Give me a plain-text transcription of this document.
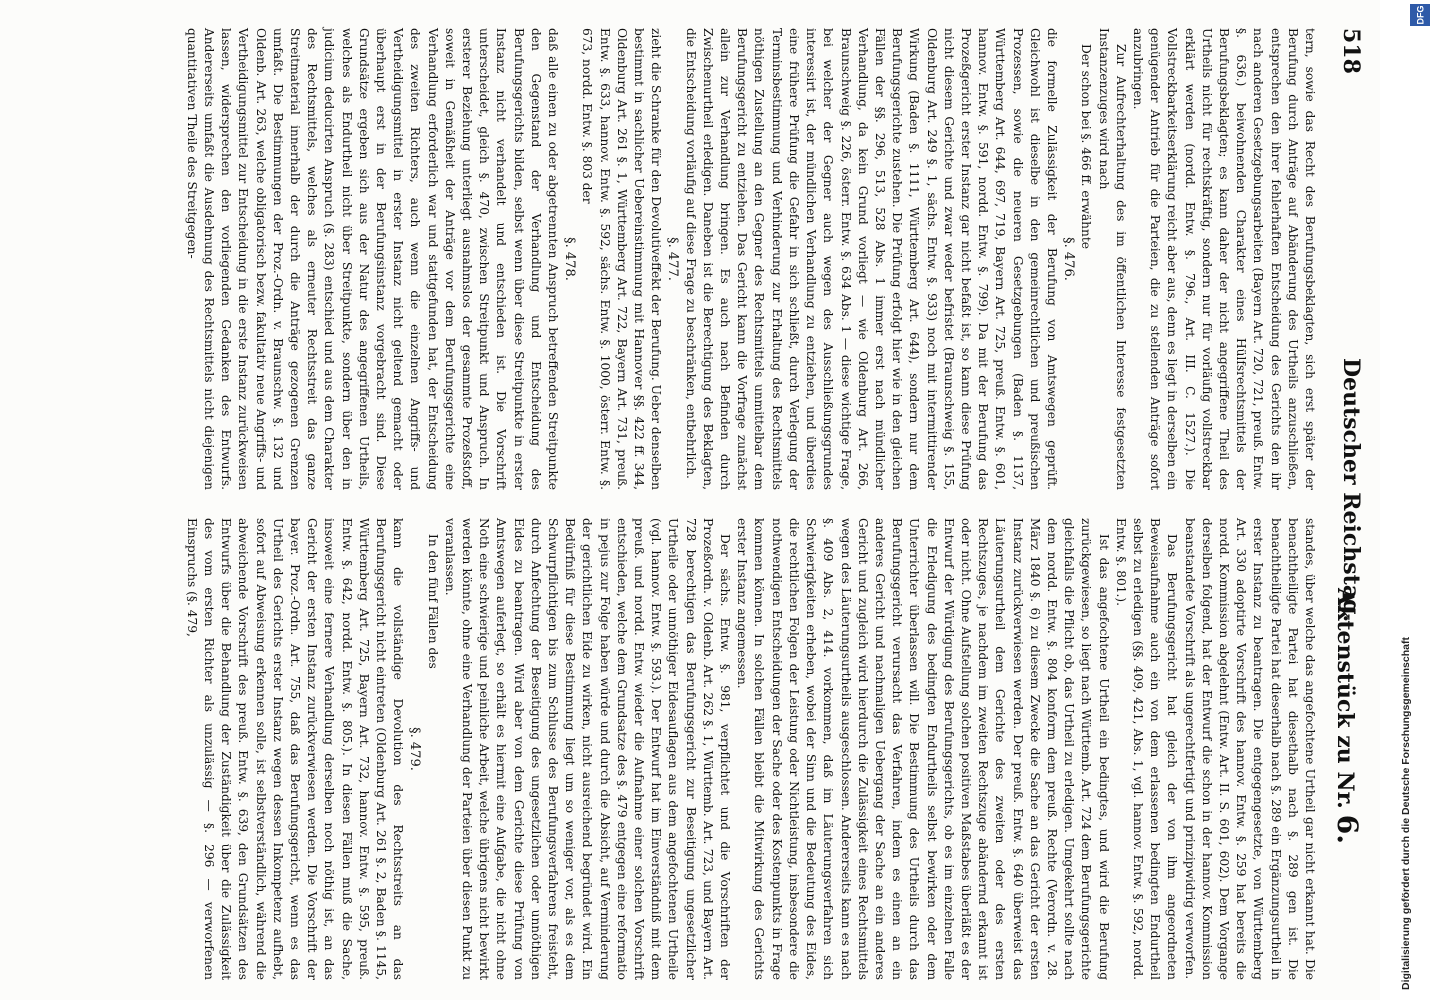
518
Deutscher Reichstag.
Aktenstück zu Nr.6.

tern, sowie das Recht des Berufungsbeklagten, sich erst später der Berufung durch Anträge auf Abänderung des Urtheils anzuschließen, entsprechen den ihrer fehlerhaften Entscheidung des Gerichts den ihr nach anderen Gesetzgebungsarbeiten (Bayern Art. 720, 721, preuß. Entw. §. 636.) beiwohnenden Charakter eines Hülfsrechtsmittels der Berufungsbeklagten; es kann daher der nicht angegriffene Theil des Urtheils nicht für rechtskräftig, sondern nur für vorläufig vollstreckbar erklärt werden (nordd. Entw. §. 796., Art. III. C. 1527.). Die Vollstreckbarkeitserklärung reicht aber aus, denn es liegt in derselben ein genügender Antrieb für die Parteien, die zu stellenden Anträge sofort anzubringen.

Zur Aufrechterhaltung des im öffentlichen Interesse festgesetzten Instanzenzuges wird nach

Der schon bei §. 466 ff. erwähnte

§. 476.

die formelle Zulässigkeit der Berufung von Amtswegen geprüft. Gleichwohl ist dieselbe in den gemeinrechtlichen und preußischen Prozessen, sowie die neueren Gesetzgebungen (Baden §. 1137, Württemberg Art. 644, 697, 719, Bayern Art. 725, preuß. Entw. §. 601, hannov. Entw. §. 591, nordd. Entw. §. 799). Da mit der Berufung das Prozeßgericht erster Instanz gar nicht befaßt ist, so kann diese Prüfung nicht diesem Gerichte und zwar weder befristet (Braunschweig §. 155, Oldenburg Art. 249 §. 1, sächs. Entw. §. 933) noch mit intermittirender Wirkung (Baden §. 1111, Württemberg Art. 644), sondern nur dem Berufungsgerichte zustehen. Die Prüfung erfolgt hier wie in den gleichen Fällen der §§. 296, 513, 528 Abs. 1 immer erst nach mündlicher Verhandlung, da kein Grund vorliegt — wie Oldenburg Art. 266, Braunschweig §. 226, österr. Entw. §. 634 Abs. 1 — diese wichtige Frage, bei welcher der Gegner auch wegen des Ausschließungsgrundes interessirt ist, der mündlichen Verhandlung zu entziehen, und überdies eine frühere Prüfung die Gefahr in sich schließt, durch Verlegung der Terminsbestimmung und Verhinderung zur Erhaltung des Rechtsmittels nöthigen Zustellung an den Gegner des Rechtsmittels unmittelbar dem Berufungsgericht zu entziehen. Das Gericht kann die Vorfrage zunächst allein zur Verhandlung bringen. Es auch nach Befinden durch Zwischenurtheil erledigen. Daneben ist die Berechtigung des Beklagten, die Entscheidung vorläufig auf diese Frage zu beschränken, entbehrlich.

§. 477.

zieht die Schranke für den Devolutiveffekt der Berufung. Ueber denselben bestimmt in sachlicher Uebereinstimmung mit Hannover §§. 422 ff. 344, Oldenburg Art. 261 §. 1, Württemberg Art. 722, Bayern Art. 731, preuß. Entw. §. 633, hannov. Entw. §. 592, sächs. Entw. §. 1000, österr. Entw. §. 673, nordd. Entw. §. 803 der

§. 478.

daß alle einen zu oder abgetrennten Anspruch betreffenden Streitpunkte den Gegenstand der Verhandlung und Entscheidung des Berufungsgerichts bilden, selbst wenn über diese Streitpunkte in erster Instanz nicht verhandelt und entschieden ist. Die Vorschrift unterscheidet, gleich §. 470, zwischen Streitpunkt und Anspruch. In ersterer Beziehung unterliegt ausnahmslos der gesammte Prozeßstoff, soweit in Gemäßheit der Anträge vor dem Berufungsgerichte eine Verhandlung erforderlich war und stattgefunden hat, der Entscheidung des zweiten Richters, auch wenn die einzelnen Angriffs- und Vertheidigungsmittel in erster Instanz nicht geltend gemacht oder überhaupt erst in der Berufungsinstanz vorgebracht sind. Diese Grundsätze ergeben sich aus der Natur des angegriffenen Urtheils, welches als Endurtheil nicht über Streitpunkte, sondern über den in judicium deducirten Anspruch (§. 283) entschied und aus dem Charakter des Rechtsmittels, welches als erneuter Rechtsstreit das ganze Streitmaterial innerhalb der durch die Anträge gezogenen Grenzen umfaßt. Die Bestimmungen der Proz.-Ordn. v. Braunschw. §. 132 und Oldenb. Art. 263, welche obligatorisch bezw. fakultativ neue Angriffs- und Vertheidigungsmittel zur Entscheidung in die erste Instanz zurückweisen lassen, widersprechen den vorliegenden Gedanken des Entwurfs. Andererseits umfaßt die Ausdehnung des Rechtsmittels nicht diejenigen quantitativen Theile des Streitgegen-

standes, über welche das angefochtene Urtheil gar nicht erkannt hat. Die benachtheiligte Partei hat diesethalb nach §. 289 gen ist. Die benachtheiligte Partei hat dieserhalb nach §. 289 ein Ergänzungsurtheil in erster Instanz zu beantragen. Die entgegengesetzte, von Württemberg Art. 330 adoptirte Vorschrift des hannov. Entw. §. 259 hat bereits die nordd. Kommission abgelehnt (Entw. Art. II. S. 601, 602). Dem Vorgange derselben folgend, hat der Entwurf die schon in der hannov. Kommission beanstandete Vorschrift als ungerechtfertigt und prinzipwidrig verworfen.

Das Berufungsgericht hat gleich der von ihm angeordneten Beweisaufnahme auch ein von dem erlassenen bedingten Endurtheil selbst zu erledigen (§§. 409, 421, Abs. 1, vgl. hannov. Entw. §. 592, nordd. Entw. §. 801.).

Ist das angefochtene Urtheil ein bedingtes, und wird die Berufung zurückgewiesen, so liegt nach Württemb. Art. 724 dem Berufungsgerichte gleichfalls die Pflicht ob, das Urtheil zu erledigen. Umgekehrt sollte nach dem nordd. Entw. §. 804 konform dem preuß. Rechte (Verordn. v. 28. März 1840 §. 6) zu diesem Zwecke die Sache an das Gericht der ersten Instanz zurückverwiesen werden. Der preuß. Entw. §. 640 überweist das Läuterungsurtheil dem Gerichte des zweiten oder des ersten Rechtszuges, je nachdem im zweiten Rechtszuge abändernd erkannt ist oder nicht. Ohne Aufstellung solchen positiven Maßstabes überläßt es der Entwurf der Würdigung des Berufungsgerichts, ob es im einzelnen Falle die Erledigung des bedingten Endurtheils selbst bewirken oder dem Unterrichter überlassen will. Die Bestimmung des Urtheils durch das Berufungsgericht verursacht das Verfahren, indem es einen an ein anderes Gericht und nachmaligen Uebergang der Sache an ein anderes Gericht und zugleich wird hierdurch die Zulässigkeit eines Rechtsmittels wegen des Läuterungsurtheils ausgeschlossen. Andererseits kann es nach §. 409 Abs. 2, 414. vorkommen, daß im Läuterungsverfahren sich Schwierigkeiten erheben, wobei der Sinn und die Bedeutung des Eides, die rechtlichen Folgen der Leistung oder Nichtleistung, insbesondere die nothwendigen Entscheidungen der Sache oder des Kostenpunkts in Frage kommen können. In solchen Fällen bleibt die Mitwirkung des Gerichts erster Instanz angemessen.

Der sächs. Entw. §. 981, verpflichtet und die Vorschriften der Prozeßordn. v. Oldenb. Art. 262 §. 1, Württemb. Art. 723, und Bayern Art. 728 berechtigen das Berufungsgericht zur Beseitigung ungesetzlicher Urtheile oder unnöthiger Eidesauflagen aus dem angefochtenen Urtheile (vgl. hannov. Entw. §. 593.). Der Entwurf hat im Einverständniß mit dem preuß. und nordd. Entw. wieder die Aufnahme einer solchen Vorschrift entschieden, welche dem Grundsatze des §. 479 entgegen eine reformatio in pejus zur Folge haben würde und durch die Absicht, auf Verminderung der gerichtlichen Eide zu wirken, nicht ausreichend begründet wird. Ein Bedürfniß für diese Bestimmung liegt um so weniger vor, als es dem Schwurpflichtigen bis zum Schlusse des Berufungsverfahrens freisteht, durch Anfechtung der Beseitigung des ungesetzlichen oder unnöthigen Eides zu beantragen. Wird aber von dem Gerichte diese Prüfung von Amtswegen auferlegt, so erhält es hiermit eine Aufgabe, die nicht ohne Noth eine schwierige und peinliche Arbeit, welche übrigens nicht bewirkt werden könnte, ohne eine Verhandlung der Parteien über diesen Punkt zu veranlassen.

In den fünf Fällen des

§. 479.

kann die vollständige Devolution des Rechtsstreits an das Berufungsgericht nicht eintreten (Oldenburg Art. 261 §. 2, Baden §. 1145, Württemberg Art. 725, Bayern Art. 732, hannov. Entw. §. 595, preuß. Entw. §. 642, nordd. Entw. §. 805.). In diesen Fällen muß die Sache, insoweit eine fernere Verhandlung derselben noch nöthig ist, an das Gericht der ersten Instanz zurückverwiesen werden. Die Vorschrift der bayer. Proz.-Ordn. Art. 755, daß das Berufungsgericht, wenn es das Urtheil des Gerichts erster Instanz wegen dessen Inkompetenz aufhebt, sofort auf Abweisung erkennen solle, ist selbstverständlich, während die abweichende Vorschrift des preuß. Entw. §. 639, den Grundsätzen des Entwurfs über die Behandlung der Zuständigkeit über die Zulässigkeit des vom ersten Richter als unzulässig — §. 296 — verworfenen Einspruchs (§. 479,

Digitalisierung gefördert durch die Deutsche Forschungsgemeinschaft
DFG
